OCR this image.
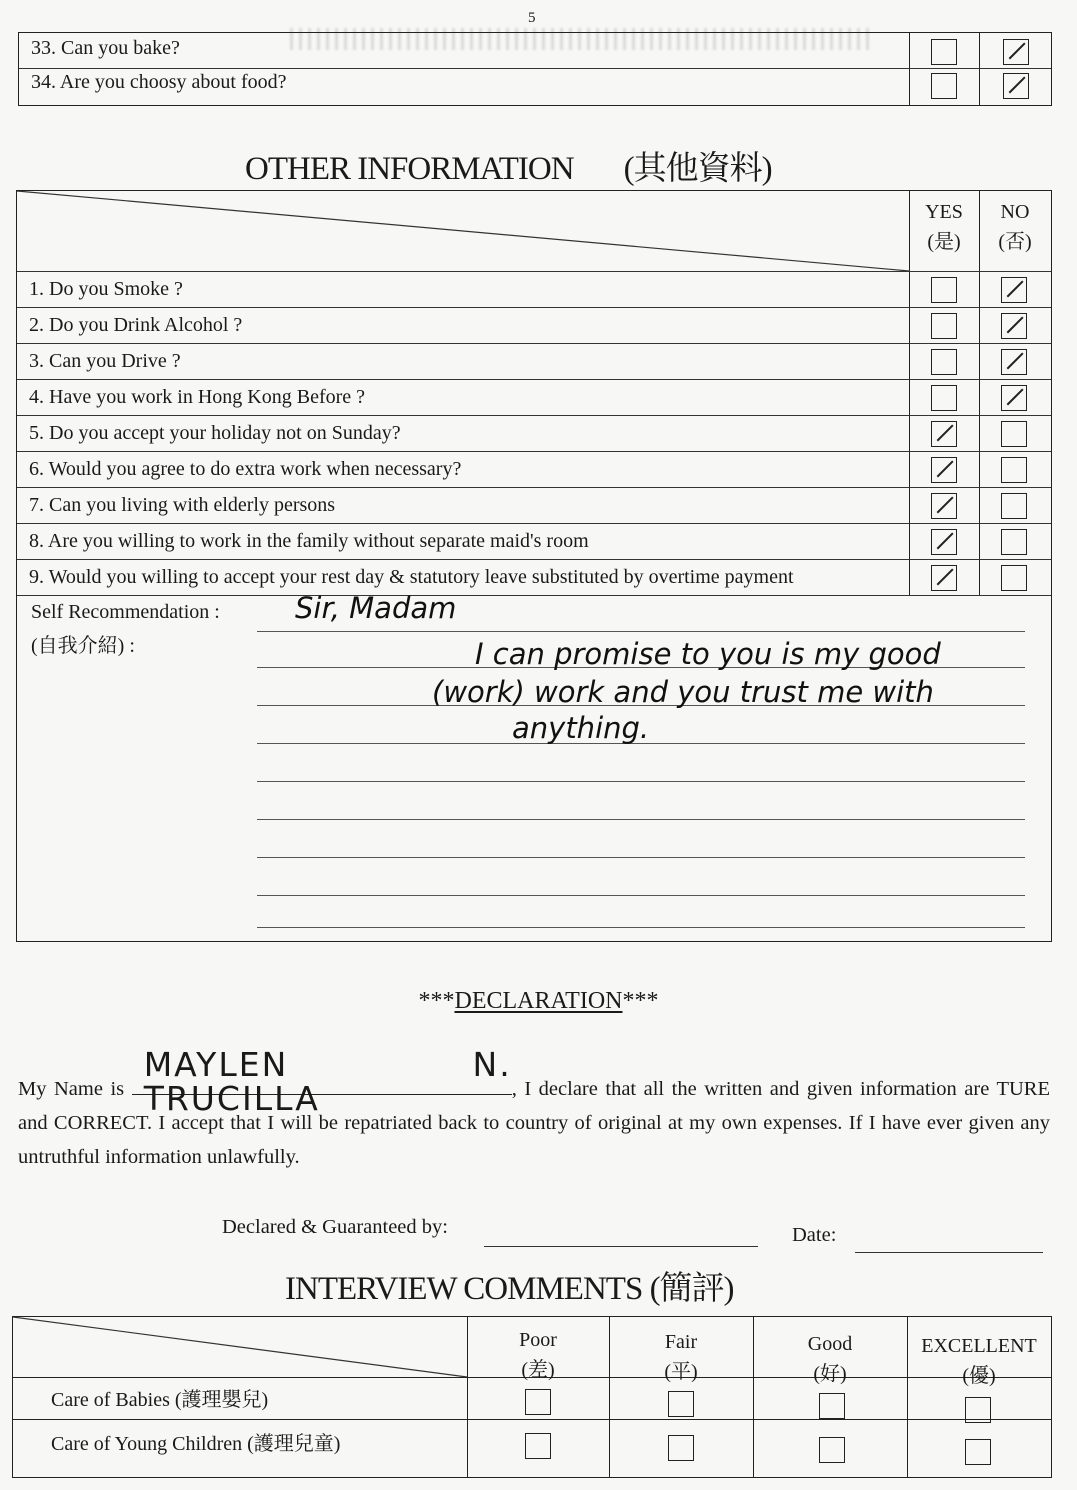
5
33. Can you bake?
34. Are you choosy about food?
OTHER INFORMATION (其他資料)
YES
(是)
NO
(否)
1. Do you Smoke ?
2. Do you Drink Alcohol ?
3. Can you Drive ?
4. Have you work in Hong Kong Before ?
5. Do you accept your holiday not on Sunday?
6. Would you agree to do extra work when necessary?
7. Can you living with elderly persons
8. Are you willing to work in the family without separate maid's room
9. Would you willing to accept your rest day & statutory leave substituted by overtime payment
Self Recommendation :
(自我介紹) :
Sir, Madam
I can promise to you is my good
(work) work and you trust me with
anything.
***DECLARATION***
My Name is
MAYLEN N. TRUCILLA	, I declare that all the written and given information are TURE and CORRECT. I accept that I will be repatriated back to country of original at my own expenses. If I have ever given any untruthful information unlawfully.
Declared & Guaranteed by:	Date:
INTERVIEW COMMENTS (簡評)
Poor
(差)
Fair
(平)
Good
(好)
EXCELLENT
(優)
Care of Babies (護理嬰兒)
Care of Young Children (護理兒童)
